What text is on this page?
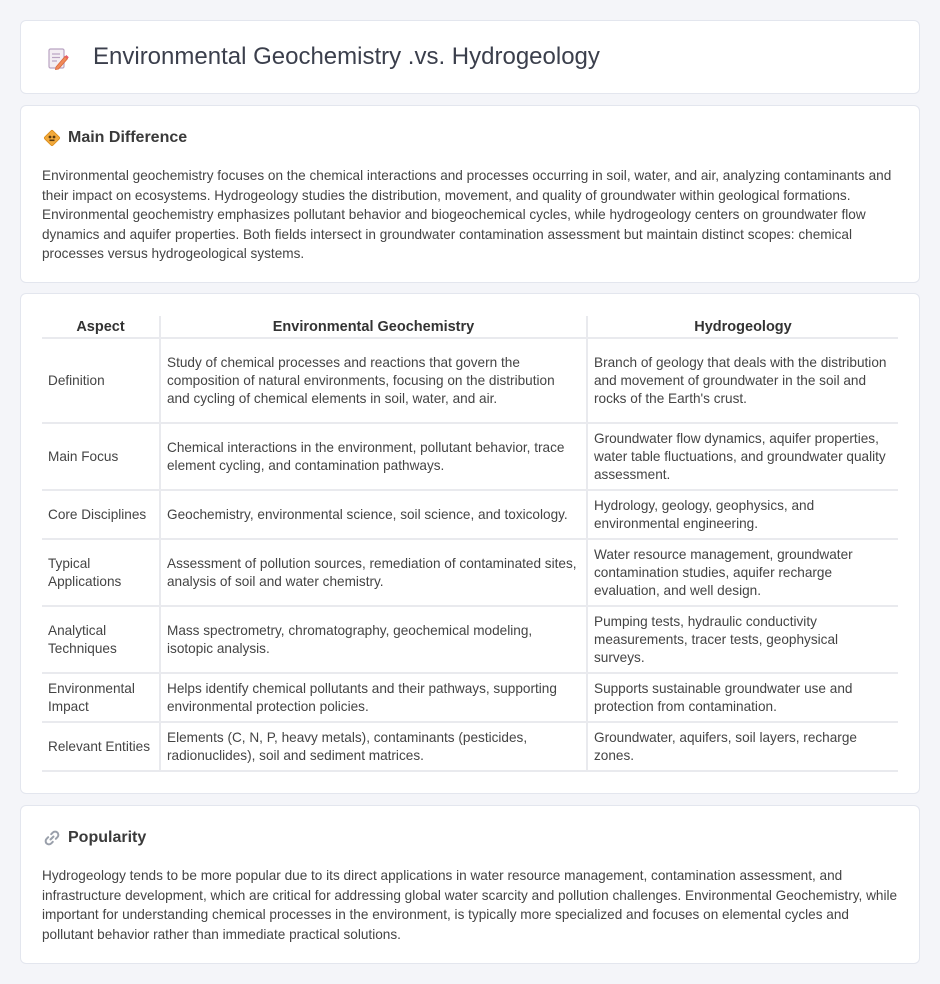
Environmental Geochemistry .vs. Hydrogeology
Main Difference

Environmental geochemistry focuses on the chemical interactions and processes occurring in soil, water, and air, analyzing contaminants and their impact on ecosystems. Hydrogeology studies the distribution, movement, and quality of groundwater within geological formations. Environmental geochemistry emphasizes pollutant behavior and biogeochemical cycles, while hydrogeology centers on groundwater flow dynamics and aquifer properties. Both fields intersect in groundwater contamination assessment but maintain distinct scopes: chemical processes versus hydrogeological systems.

Aspect	Environmental Geochemistry	Hydrogeology
Definition	Study of chemical processes and reactions that govern the composition of natural environments, focusing on the distribution and cycling of chemical elements in soil, water, and air.	Branch of geology that deals with the distribution and movement of groundwater in the soil and rocks of the Earth's crust.
Main Focus	Chemical interactions in the environment, pollutant behavior, trace element cycling, and contamination pathways.	Groundwater flow dynamics, aquifer properties, water table fluctuations, and groundwater quality assessment.
Core Disciplines	Geochemistry, environmental science, soil science, and toxicology.	Hydrology, geology, geophysics, and environmental engineering.
Typical Applications	Assessment of pollution sources, remediation of contaminated sites, analysis of soil and water chemistry.	Water resource management, groundwater contamination studies, aquifer recharge evaluation, and well design.
Analytical Techniques	Mass spectrometry, chromatography, geochemical modeling, isotopic analysis.	Pumping tests, hydraulic conductivity measurements, tracer tests, geophysical surveys.
Environmental Impact	Helps identify chemical pollutants and their pathways, supporting environmental protection policies.	Supports sustainable groundwater use and protection from contamination.
Relevant Entities	Elements (C, N, P, heavy metals), contaminants (pesticides, radionuclides), soil and sediment matrices.	Groundwater, aquifers, soil layers, recharge zones.
Popularity

Hydrogeology tends to be more popular due to its direct applications in water resource management, contamination assessment, and infrastructure development, which are critical for addressing global water scarcity and pollution challenges. Environmental Geochemistry, while important for understanding chemical processes in the environment, is typically more specialized and focuses on elemental cycles and pollutant behavior rather than immediate practical solutions.
